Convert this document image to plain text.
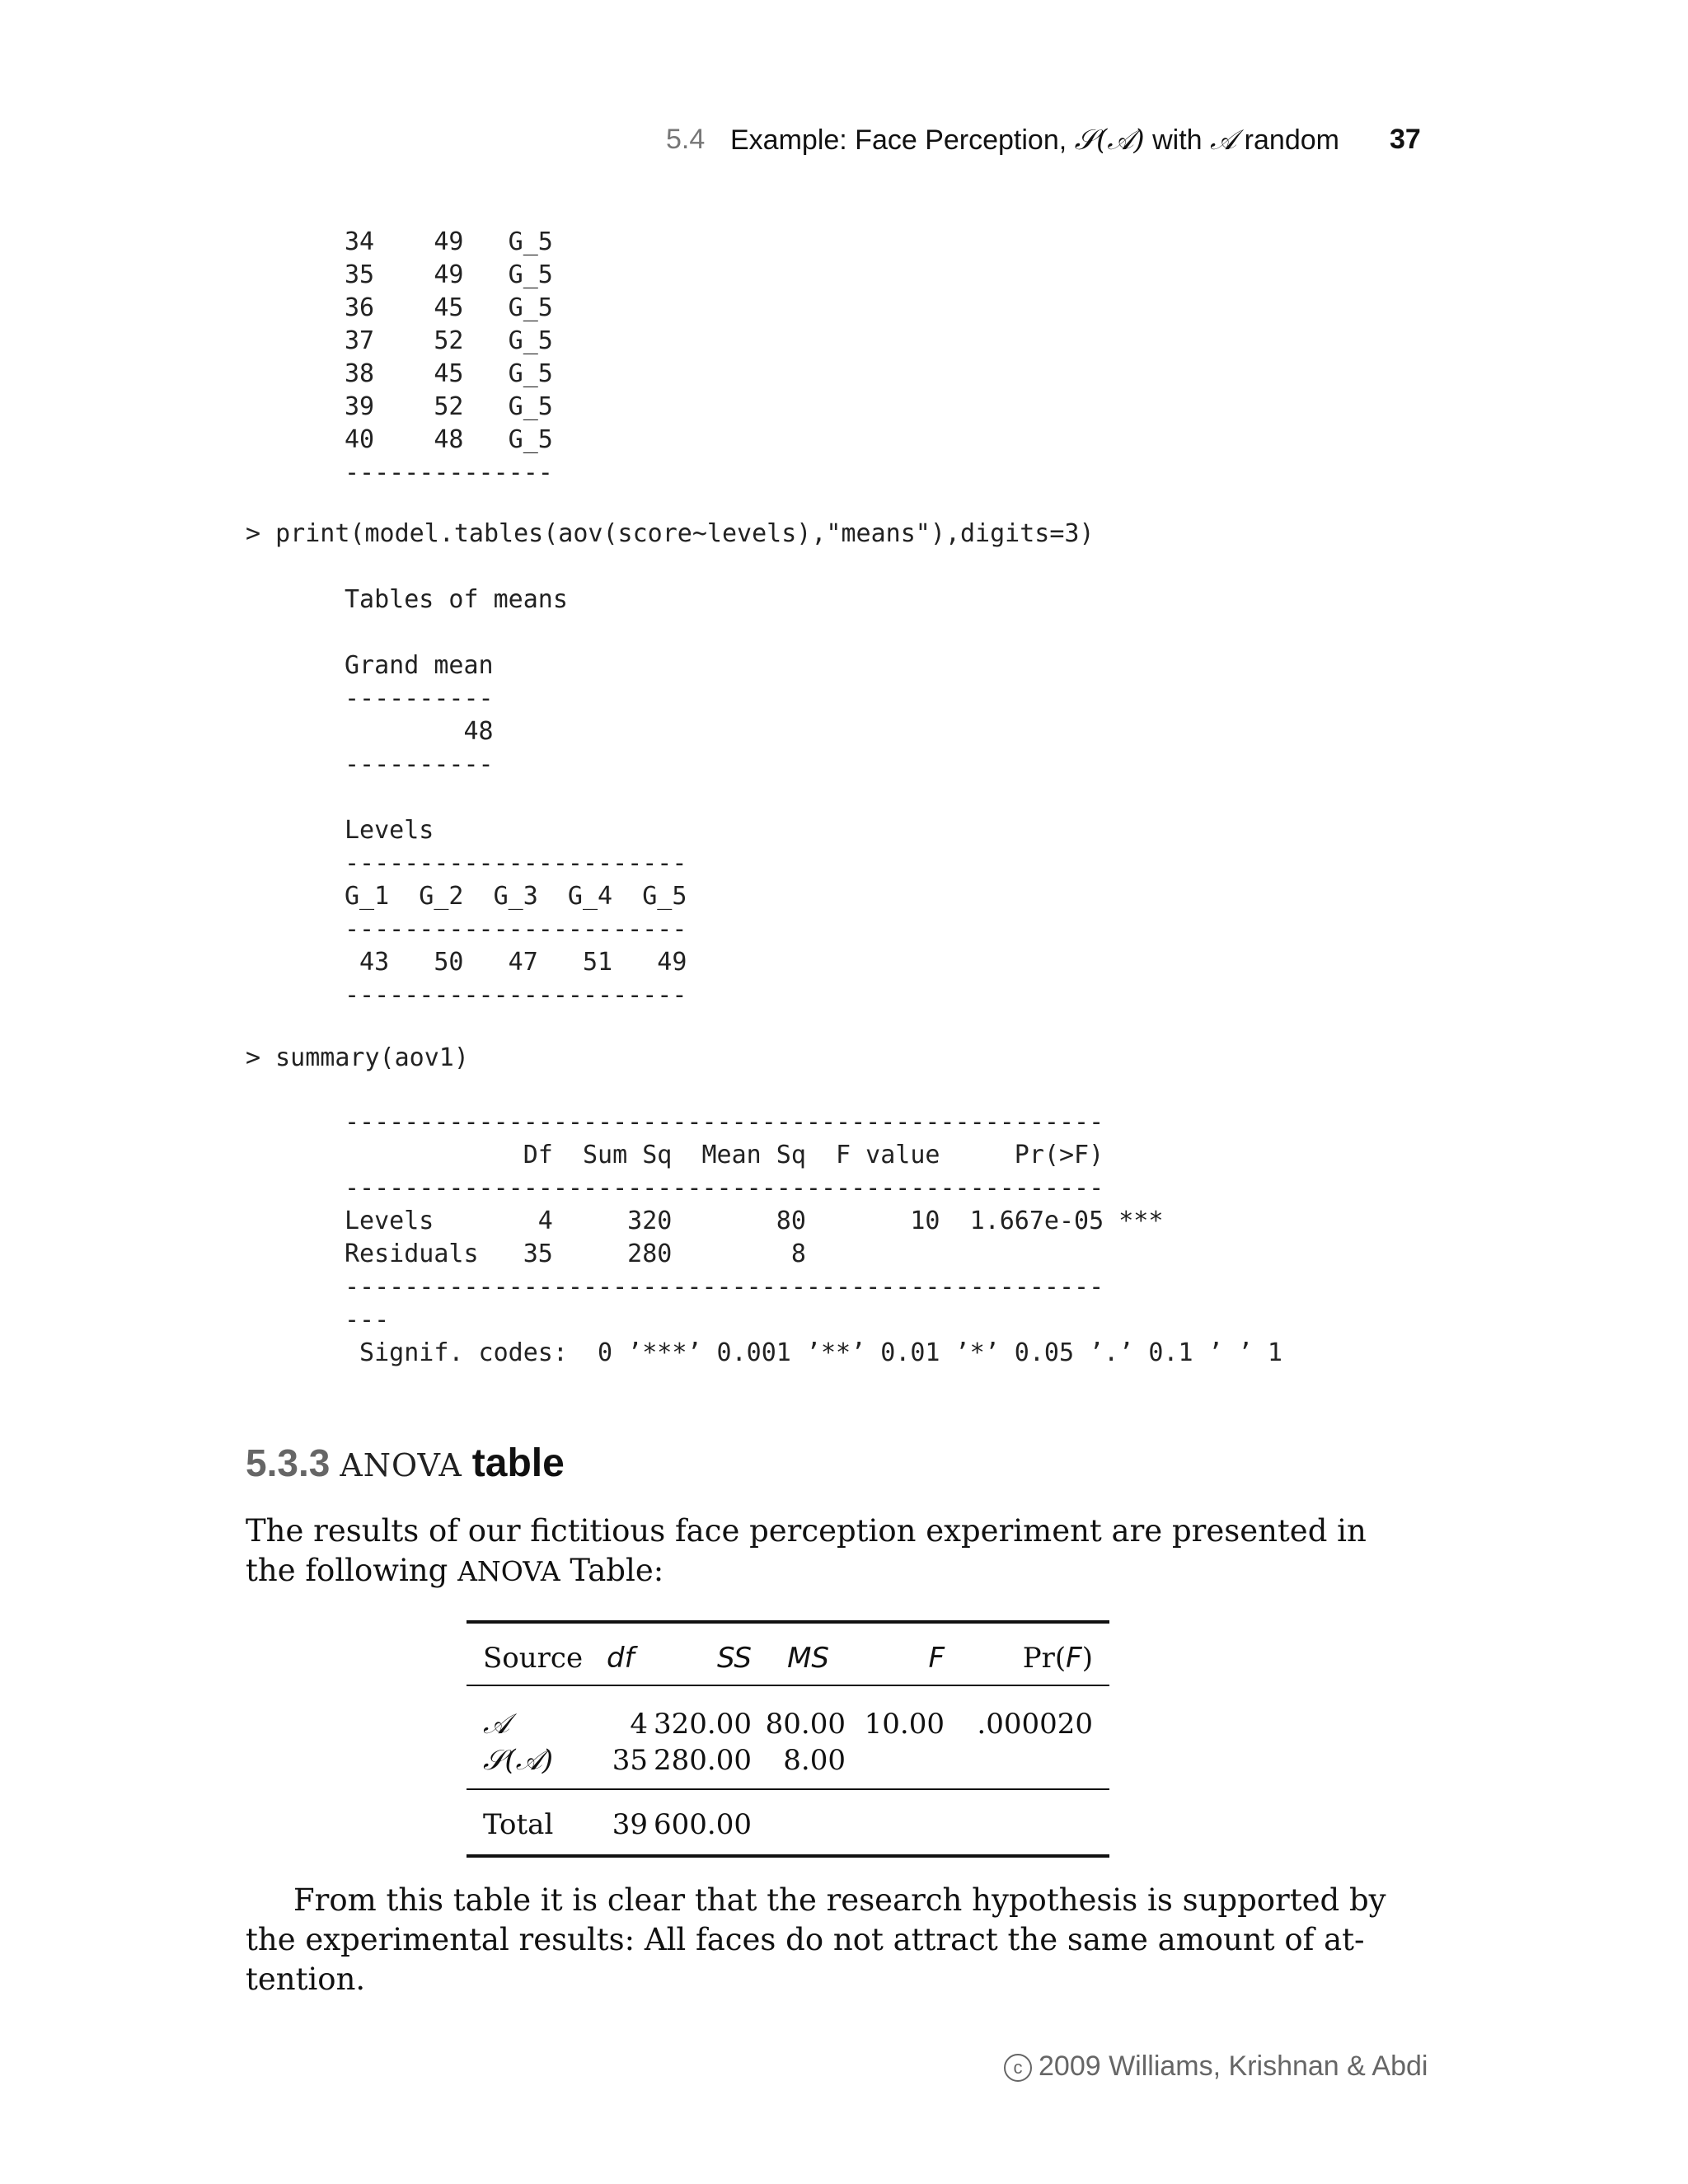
5.4 Example: Face Perception, 𝒮(𝒜) with 𝒜 random 37
34    49   G_5
35    49   G_5
36    45   G_5
37    52   G_5
38    45   G_5
39    52   G_5
40    48   G_5
--------------
> print(model.tables(aov(score~levels),"means"),digits=3)
Tables of means

Grand mean
----------
48
----------

Levels
-----------------------
G_1  G_2  G_3  G_4  G_5
-----------------------
43   50   47   51   49
-----------------------
> summary(aov1)
---------------------------------------------------
Df  Sum Sq  Mean Sq  F value     Pr(>F)
---------------------------------------------------
Levels       4     320       80       10  1.667e-05 ***
Residuals   35     280        8
---------------------------------------------------
---
Signif. codes:  0 ’***’ 0.001 ’**’ 0.01 ’*’ 0.05 ’.’ 0.1 ’ ’ 1
5.3.3 ANOVA table
The results of our fictitious face perception experiment are presented in the following ANOVA Table:
Source df	SS	MS	F	Pr(F)
𝒜	4 320.00 80.00 10.00	.000020
𝒮(𝒜)	35 280.00	8.00
Total	39 600.00
From this table it is clear that the research hypothesis is supported by the experimental results: All faces do not attract the same amount of at-tention.
c 2009 Williams, Krishnan & Abdi
